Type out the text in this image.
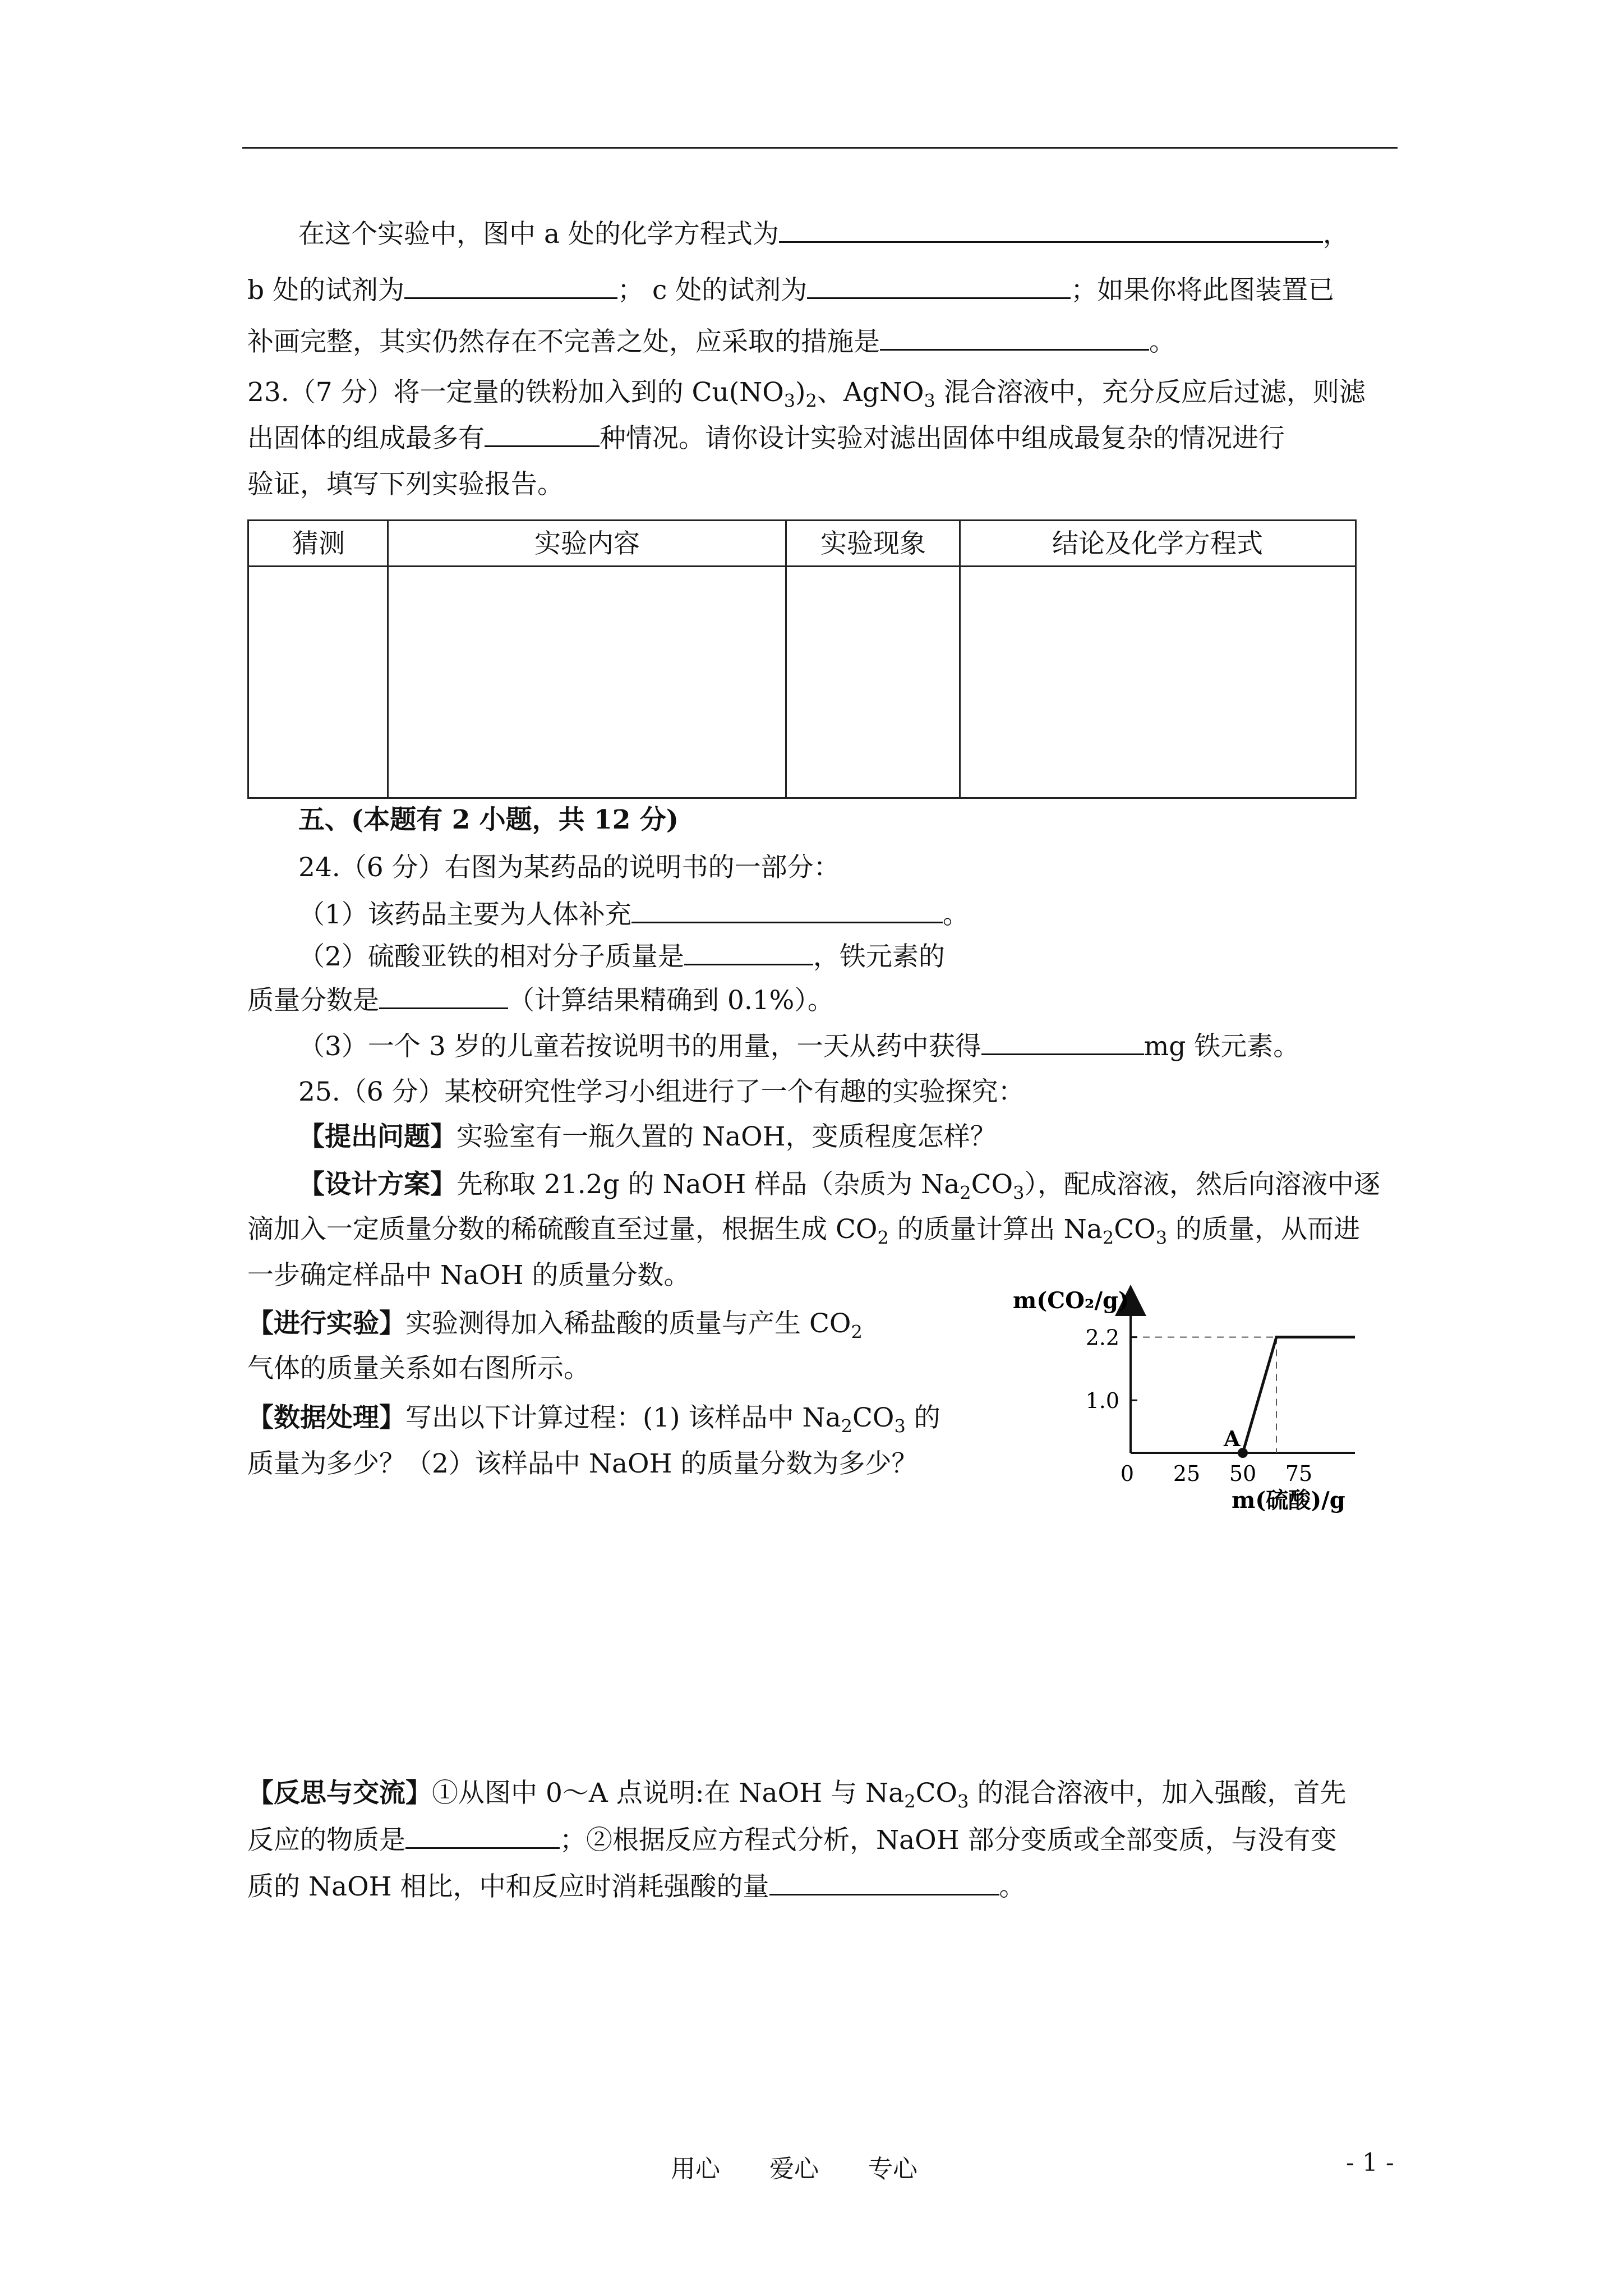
在这个实验中，图中 a 处的化学方程式为	，
b 处的试剂为	； c 处的试剂为	；如果你将此图装置已
补画完整，其实仍然存在不完善之处，应采取的措施是	。
23.（7 分）将一定量的铁粉加入到的 $Cu(NO_3)_2$、AgNO$_3$ 混合溶液中，充分反应后过滤，则滤
出固体的组成最多有	种情况。请你设计实验对滤出固体中组成最复杂的情况进行
验证，填写下列实验报告。
猜测	实验内容	实验现象	结论及化学方程式
五、(本题有 2 小题，共 12 分)
24.（6 分）右图为某药品的说明书的一部分：
（1）该药品主要为人体补充	。
（2）硫酸亚铁的相对分子质量是	，铁元素的
质量分数是	（计算结果精确到 0.1%）。
（3）一个 3 岁的儿童若按说明书的用量，一天从药中获得	mg 铁元素。
25.（6 分）某校研究性学习小组进行了一个有趣的实验探究：
【提出问题】实验室有一瓶久置的 NaOH，变质程度怎样？
【设计方案】先称取 21.2g 的 NaOH 样品（杂质为 $Na_2CO_3$），配成溶液，然后向溶液中逐
滴加入一定质量分数的稀硫酸直至过量，根据生成 $CO_2$ 的质量计算出 $Na_2CO_3$ 的质量，从而进
一步确定样品中 NaOH 的质量分数。
【进行实验】实验测得加入稀盐酸的质量与产生 $CO_2$
气体的质量关系如右图所示。
【数据处理】写出以下计算过程：(1) 该样品中 $Na_2CO_3$ 的
质量为多少？（2）该样品中 NaOH 的质量分数为多少？
m(CO₂/g)
m(硫酸)/g
2.2
1.0
0 25 50 75
A
【反思与交流】①从图中 0～A 点说明:在 NaOH 与 $Na_2CO_3$ 的混合溶液中，加入强酸，首先
反应的物质是	；②根据反应方程式分析，NaOH 部分变质或全部变质，与没有变
质的 NaOH 相比，中和反应时消耗强酸的量	。
用心　　爱心　　专心	- 1 -
